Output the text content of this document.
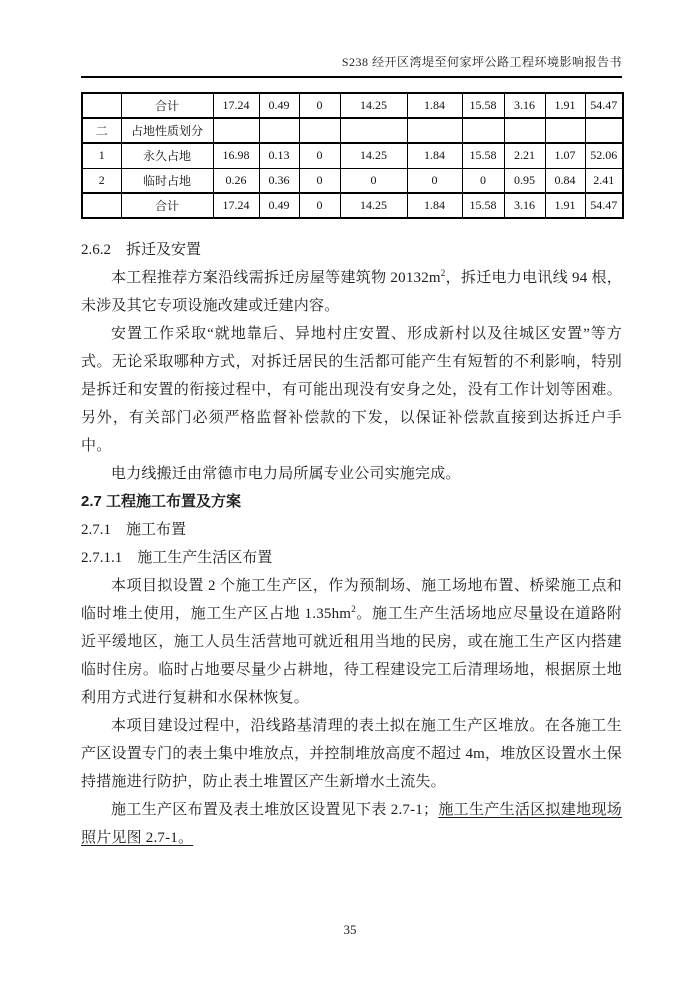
S238 经开区湾堤至何家坪公路工程环境影响报告书
	合计	17.24	0.49	0	14.25	1.84	15.58	3.16	1.91	54.47
二	占地性质划分									
1	永久占地	16.98	0.13	0	14.25	1.84	15.58	2.21	1.07	52.06
2	临时占地	0.26	0.36	0	0	0	0	0.95	0.84	2.41
	合计	17.24	0.49	0	14.25	1.84	15.58	3.16	1.91	54.47
2.6.2　拆迁及安置

本工程推荐方案沿线需拆迁房屋等建筑物 $20132m^2$，拆迁电力电讯线 94 根，未涉及其它专项设施改建或迁建内容。

安置工作采取“就地靠后、异地村庄安置、形成新村以及往城区安置”等方式。无论采取哪种方式，对拆迁居民的生活都可能产生有短暂的不利影响，特别是拆迁和安置的衔接过程中，有可能出现没有安身之处，没有工作计划等困难。另外，有关部门必须严格监督补偿款的下发，以保证补偿款直接到达拆迁户手中。

电力线搬迁由常德市电力局所属专业公司实施完成。

2.7 工程施工布置及方案
2.7.1　施工布置
2.7.1.1　施工生产生活区布置

本项目拟设置 2 个施工生产区，作为预制场、施工场地布置、桥梁施工点和临时堆土使用，施工生产区占地 $1.35hm^2$。施工生产生活场地应尽量设在道路附近平缓地区，施工人员生活营地可就近租用当地的民房，或在施工生产区内搭建临时住房。临时占地要尽量少占耕地，待工程建设完工后清理场地，根据原土地利用方式进行复耕和水保林恢复。

本项目建设过程中，沿线路基清理的表土拟在施工生产区堆放。在各施工生产区设置专门的表土集中堆放点，并控制堆放高度不超过 4m，堆放区设置水土保持措施进行防护，防止表土堆置区产生新增水土流失。

施工生产区布置及表土堆放区设置见下表 2.7-1；施工生产生活区拟建地现场照片见图 2.7-1。

35
